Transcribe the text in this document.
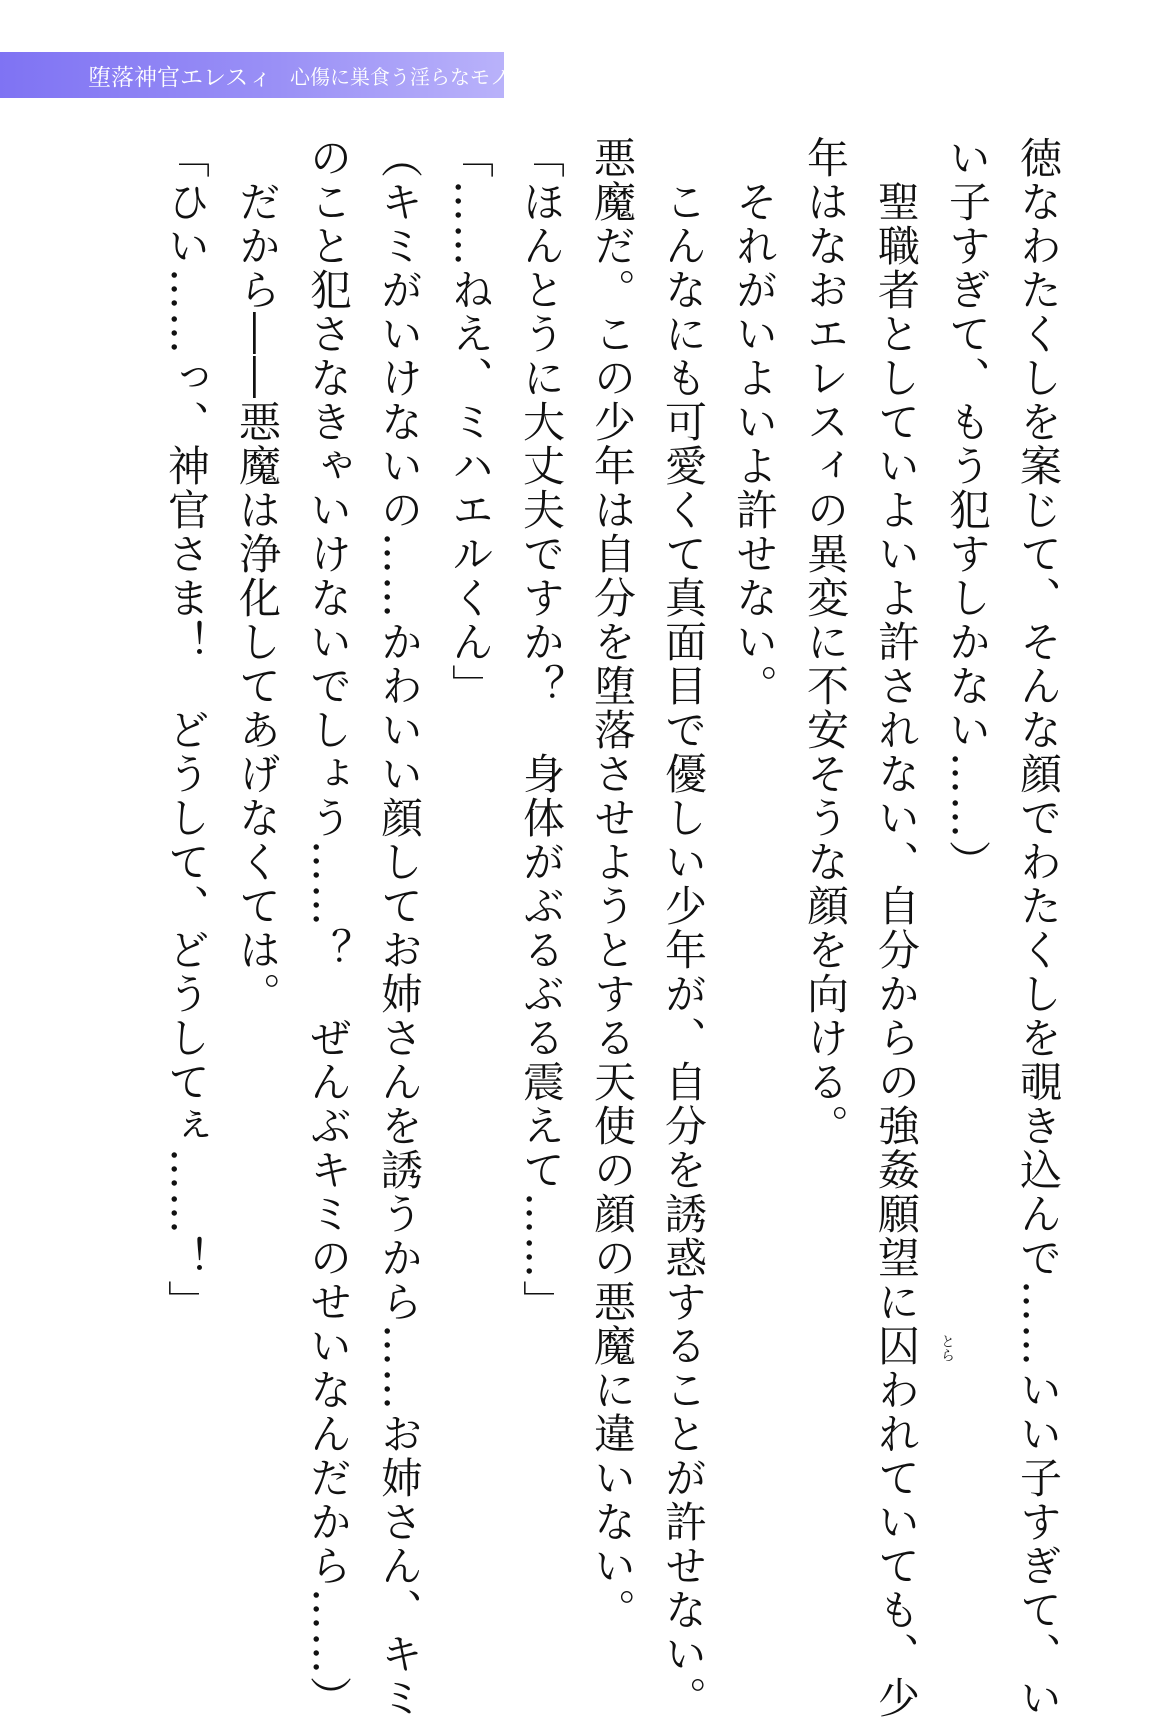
堕落神官エレスィ 心傷に巣食う淫らなモノ
徳なわたくしを案じて、そんな顔でわたくしを覗き込んで……いい子すぎて、い
い子すぎて、もう犯すしかない……）
　聖職者としていよいよ許されない、自分からの強姦願望に囚 とら
われていても、少
年はなおエレスィの異変に不安そうな顔を向ける。
　それがいよいよ許せない。
　こんなにも可愛くて真面目で優しい少年が、自分を誘惑することが許せない。
悪魔だ。この少年は自分を堕落させようとする天使の顔の悪魔に違いない。
「ほんとうに大丈夫ですか？　身体がぶるぶる震えて……」
「……ねえ、ミハエルくん」
（キミがいけないの……かわいい顔してお姉さんを誘うから……お姉さん、キミ
のこと犯さなきゃいけないでしょう……？　ぜんぶキミのせいなんだから……）
　だから――悪魔は浄化してあげなくては。
「ひい……っ、神官さま！　どうして、どうしてぇ……！」
